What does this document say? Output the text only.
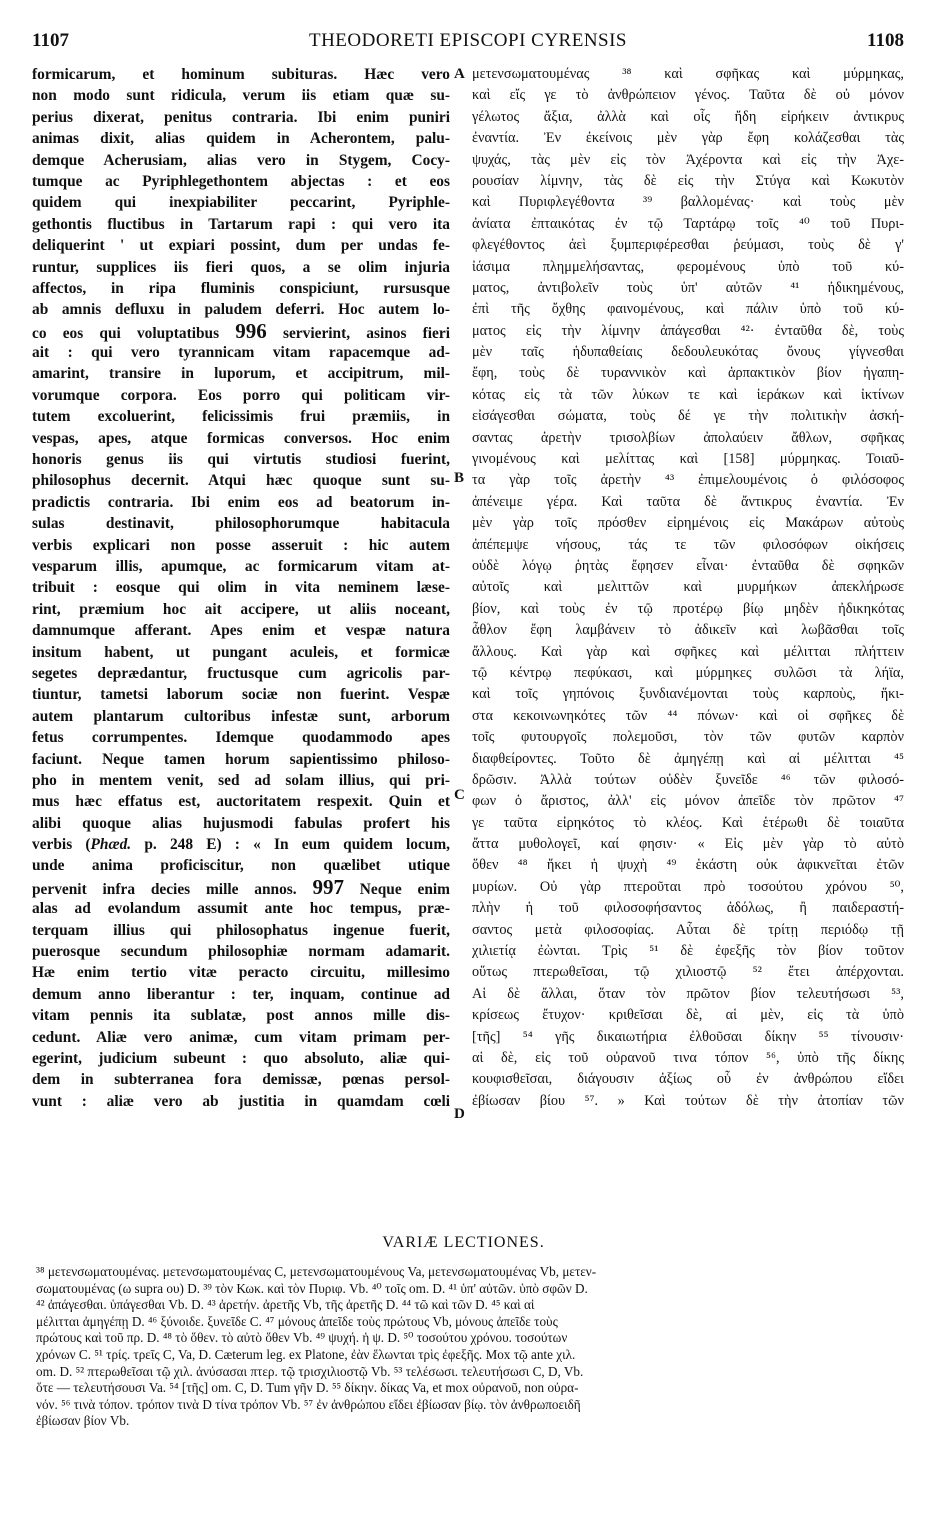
1107	THEODORETI EPISCOPI CYRENSIS	1108
formicarum, et hominum subituras. Hæc vero
non modo sunt ridicula, verum iis etiam quæ su-
perius dixerat, penitus contraria. Ibi enim puniri
animas dixit, alias quidem in Acherontem, palu-
demque Acherusiam, alias vero in Stygem, Cocy-
tumque ac Pyriphlegethontem abjectas : et eos
quidem qui inexpiabiliter peccarint, Pyriphle-
gethontis fluctibus in Tartarum rapi : qui vero ita
deliquerint ' ut expiari possint, dum per undas fe-
runtur, supplices iis fieri quos, a se olim injuria
affectos, in ripa fluminis conspiciunt, rursusque
ab amnis defluxu in paludem deferri. Hoc autem lo-
co eos qui voluptatibus 996 servierint, asinos fieri
ait : qui vero tyrannicam vitam rapacemque ad-
amarint, transire in luporum, et accipitrum, mil-
vorumque corpora. Eos porro qui politicam vir-
tutem excoluerint, felicissimis frui præmiis, in
vespas, apes, atque formicas conversos. Hoc enim
honoris genus iis qui virtutis studiosi fuerint,
philosophus decernit. Atqui hæc quoque sunt su-
pradictis contraria. Ibi enim eos ad beatorum in-
sulas destinavit, philosophorumque habitacula
verbis explicari non posse asseruit : hic autem
vesparum illis, apumque, ac formicarum vitam at-
tribuit : eosque qui olim in vita neminem læse-
rint, præmium hoc ait accipere, ut aliis noceant,
damnumque afferant. Apes enim et vespæ natura
insitum habent, ut pungant aculeis, et formicæ
segetes deprædantur, fructusque cum agricolis par-
tiuntur, tametsi laborum sociæ non fuerint. Vespæ
autem plantarum cultoribus infestæ sunt, arborum
fetus corrumpentes. Idemque quodammodo apes
faciunt. Neque tamen horum sapientissimo philoso-
pho in mentem venit, sed ad solam illius, qui pri-
mus hæc effatus est, auctoritatem respexit. Quin et
alibi quoque alias hujusmodi fabulas profert his
verbis (Phæd. p. 248 E) : « In eum quidem locum,
unde anima proficiscitur, non quælibet utique
pervenit infra decies mille annos. 997 Neque enim
alas ad evolandum assumit ante hoc tempus, præ-
terquam illius qui philosophatus ingenue fuerit,
puerosque secundum philosophiæ normam adamarit.
Hæ enim tertio vitæ peracto circuitu, millesimo
demum anno liberantur : ter, inquam, continue ad
vitam pennis ita sublatæ, post annos mille dis-
cedunt. Aliæ vero animæ, cum vitam primam per-
egerint, judicium subeunt : quo absoluto, aliæ qui-
dem in subterranea fora demissæ, pœnas persol-
vunt : aliæ vero ab justitia in quamdam cœli
A
B
C
D
μετενσωματουμένας ³⁸ καὶ σφῆκας καὶ μύρμηκας,
καὶ εἴς γε τὸ ἀνθρώπειον γένος. Ταῦτα δὲ οὐ μόνον
γέλωτος ἄξια, ἀλλὰ καὶ οἷς ἤδη εἰρήκειν ἀντικρυς
ἐναντία. Ἐν ἐκείνοις μὲν γὰρ ἔφη κολάζεσθαι τὰς
ψυχάς, τὰς μὲν εἰς τὸν Ἀχέροντα καὶ εἰς τὴν Ἀχε-
ρουσίαν λίμνην, τὰς δὲ εἰς τὴν Στύγα καὶ Κωκυτὸν
καὶ Πυριφλεγέθοντα ³⁹ βαλλομένας· καὶ τοὺς μὲν
ἀνίατα ἐπταικότας ἐν τῷ Ταρτάρῳ τοῖς ⁴⁰ τοῦ Πυρι-
φλεγέθοντος ἀεὶ ξυμπεριφέρεσθαι ῥεύμασι, τοὺς δὲ γ'
ἰάσιμα πλημμελήσαντας, φερομένους ὑπὸ τοῦ κύ-
ματος, ἀντιβολεῖν τοὺς ὑπ' αὐτῶν ⁴¹ ἠδικημένους,
ἐπὶ τῆς ὄχθης φαινομένους, καὶ πάλιν ὑπὸ τοῦ κύ-
ματος εἰς τὴν λίμνην ἀπάγεσθαι ⁴²· ἐνταῦθα δὲ, τοὺς
μὲν ταῖς ἡδυπαθείαις δεδουλευκότας ὄνους γίγνεσθαι
ἔφη, τοὺς δὲ τυραννικὸν καὶ ἁρπακτικὸν βίον ἠγαπη-
κότας εἰς τὰ τῶν λύκων τε καὶ ἱεράκων καὶ ἰκτίνων
εἰσάγεσθαι σώματα, τοὺς δέ γε τὴν πολιτικὴν ἀσκή-
σαντας ἀρετὴν τρισολβίων ἀπολαύειν ἄθλων, σφῆκας
γινομένους καὶ μελίττας καὶ [158] μύρμηκας. Τοιαῦ-
τα γὰρ τοῖς ἀρετὴν ⁴³ ἐπιμελουμένοις ὁ φιλόσοφος
ἀπένειμε γέρα. Καὶ ταῦτα δὲ ἄντικρυς ἐναντία. Ἐν
μὲν γὰρ τοῖς πρόσθεν εἰρημένοις εἰς Μακάρων αὐτοὺς
ἀπέπεμψε νήσους, τάς τε τῶν φιλοσόφων οἰκήσεις
οὐδὲ λόγῳ ῥητὰς ἔφησεν εἶναι· ἐνταῦθα δὲ σφηκῶν
αὐτοῖς καὶ μελιττῶν καὶ μυρμήκων ἀπεκλήρωσε
βίον, καὶ τοὺς ἐν τῷ προτέρῳ βίῳ μηδὲν ἠδικηκότας
ἆθλον ἔφη λαμβάνειν τὸ ἀδικεῖν καὶ λωβᾶσθαι τοῖς
ἄλλους. Καὶ γὰρ καὶ σφῆκες καὶ μέλιτται πλήττειν
τῷ κέντρῳ πεφύκασι, καὶ μύρμηκες συλῶσι τὰ λήϊα,
καὶ τοῖς γηπόνοις ξυνδιανέμονται τοὺς καρποὺς, ἥκι-
στα κεκοινωνηκότες τῶν ⁴⁴ πόνων· καὶ οἱ σφῆκες δὲ
τοῖς φυτουργοῖς πολεμοῦσι, τὸν τῶν φυτῶν καρπὸν
διαφθείροντες. Τοῦτο δὲ ἀμηγέπῃ καὶ αἱ μέλιτται ⁴⁵
δρῶσιν. Ἀλλὰ τούτων οὐδὲν ξυνεῖδε ⁴⁶ τῶν φιλοσό-
φων ὁ ἄριστος, ἀλλ' εἰς μόνον ἀπεῖδε τὸν πρῶτον ⁴⁷
γε ταῦτα εἰρηκότος τὸ κλέος. Καὶ ἑτέρωθι δὲ τοιαῦτα
ἄττα μυθολογεῖ, καί φησιν· « Εἰς μὲν γὰρ τὸ αὐτὸ
ὅθεν ⁴⁸ ἥκει ἡ ψυχὴ ⁴⁹ ἑκάστη οὐκ ἀφικνεῖται ἐτῶν
μυρίων. Οὐ γὰρ πτεροῦται πρὸ τοσούτου χρόνου ⁵⁰,
πλὴν ἡ τοῦ φιλοσοφήσαντος ἀδόλως, ἢ παιδεραστή-
σαντος μετὰ φιλοσοφίας. Αὗται δὲ τρίτῃ περιόδῳ τῇ
χιλιετίᾳ ἐὼνται. Τρὶς ⁵¹ δὲ ἐφεξῆς τὸν βίον τοῦτον
οὕτως πτερωθεῖσαι, τῷ χιλιοστῷ ⁵² ἔτει ἀπέρχονται.
Αἱ δὲ ἄλλαι, ὅταν τὸν πρῶτον βίον τελευτήσωσι ⁵³,
κρίσεως ἔτυχον· κριθεῖσαι δὲ, αἱ μὲν, εἰς τὰ ὑπὸ
[τῆς] ⁵⁴ γῆς δικαιωτήρια ἐλθοῦσαι δίκην ⁵⁵ τίνουσιν·
αἱ δὲ, εἰς τοῦ οὐρανοῦ τινα τόπον ⁵⁶, ὑπὸ τῆς δίκης
κουφισθεῖσαι, διάγουσιν ἀξίως οὗ ἐν ἀνθρώπου εἴδει
ἐβίωσαν βίου ⁵⁷. » Καὶ τούτων δὲ τὴν ἀτοπίαν τῶν
VARIÆ LECTIONES.
³⁸ μετενσωματουμένας. μετενσωματουμένας C, μετενσωματουμένους Va, μετενσωματουμένας Vb, μετεν-
σωματουμένας (ω supra ου) D. ³⁹ τὸν Κωκ. καὶ τὸν Πυριφ. Vb. ⁴⁰ τοῖς om. D. ⁴¹ ὑπ' αὐτῶν. ὑπὸ σφῶν D.
⁴² ἀπάγεσθαι. ὑπάγεσθαι Vb. D. ⁴³ ἀρετήν. ἀρετῆς Vb, τῆς ἀρετῆς D. ⁴⁴ τῶ καὶ τῶν D. ⁴⁵ καὶ αἱ
μέλιτται ἀμηγέπῃ D. ⁴⁶ ξύνοιδε. ξυνεῖδε C. ⁴⁷ μόνους ἀπεῖδε τοὺς πρώτους Vb, μόνους ἀπεῖδε τοὺς
πρώτους καὶ τοῦ πρ. D. ⁴⁸ τὸ ὅθεν. τὸ αὐτὸ ὅθεν Vb. ⁴⁹ ψυχή. ἡ ψ. D. ⁵⁰ τοσούτου χρόνου. τοσούτων
χρόνων C. ⁵¹ τρίς. τρεῖς C, Va, D. Cæterum leg. ex Platone, ἐὰν ἕλωνται τρὶς ἐφεξῆς. Mox τῷ ante χιλ.
om. D. ⁵² πτερωθεῖσαι τῷ χιλ. ἀνύσασαι πτερ. τῷ τρισχιλιοστῷ Vb. ⁵³ τελέσωσι. τελευτήσωσι C, D, Vb.
ὅτε — τελευτήσουσι Va. ⁵⁴ [τῆς] om. C, D. Tum γῆν D. ⁵⁵ δίκην. δίκας Va, et mox οὐρανοῦ, non οὐρα-
νόν. ⁵⁶ τινὰ τόπον. τρόπον τινὰ D τίνα τρόπον Vb. ⁵⁷ ἐν ἀνθρώπου εἴδει ἐβίωσαν βίῳ. τὸν ἀνθρωποειδῆ
ἐβίωσαν βίον Vb.
